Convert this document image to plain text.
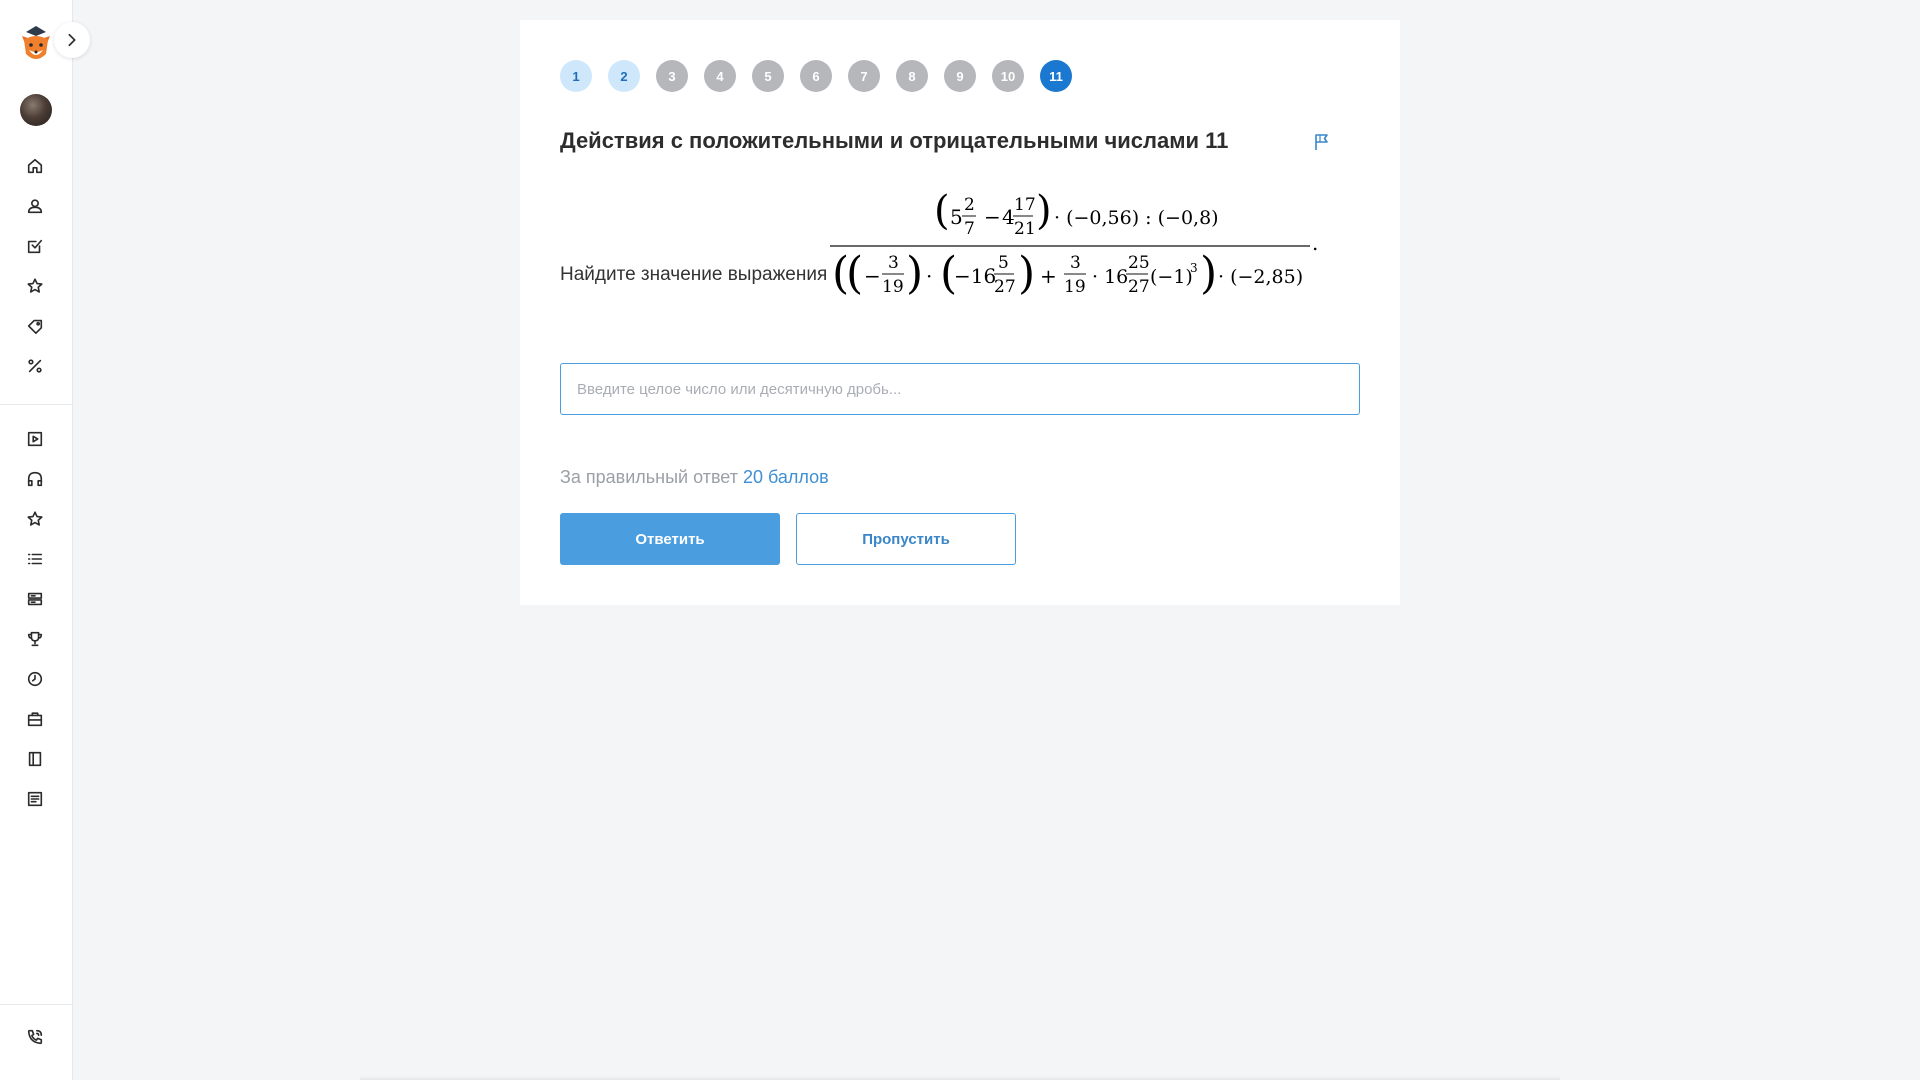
1	2	3	4	5	6	7	8	9	10	11
Действия с положительными и отрицательными числами 11
Найдите значение выражения
( 5 2
7 − 4 17
21 ) · (−0,56) : (−0,8)
.
(
( −
3
19 ) · (
−16
5
27 ) +
3
19 · 16
25
27 (−1)
3 ) · (−2,85)
Введите целое число или десятичную дробь...
За правильный ответ 20 баллов
Ответить	Пропустить
